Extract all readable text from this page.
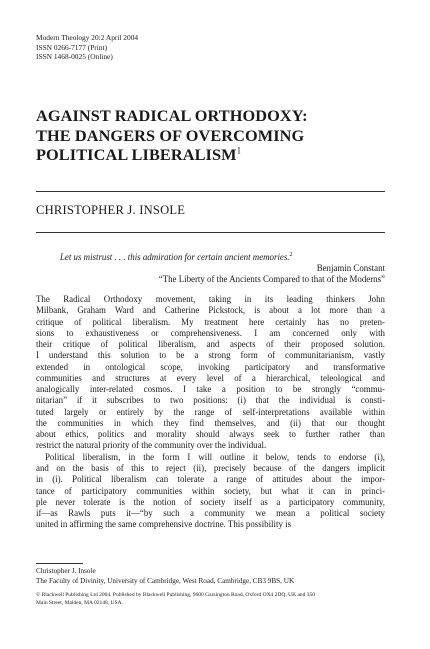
Modern Theology 20:2 April 2004
ISSN 0266-7177 (Print)
ISSN 1468-0025 (Online)
AGAINST RADICAL ORTHODOXY:
THE DANGERS OF OVERCOMING
POLITICAL LIBERALISM$^1$
CHRISTOPHER J. INSOLE
Let us mistrust . . . this admiration for certain ancient memories.$^2$
Benjamin Constant
“The Liberty of the Ancients Compared to that of the Moderns”
The Radical Orthodoxy movement, taking in its leading thinkers John
Milbank, Graham Ward and Catherine Pickstock, is about a lot more than a
critique of political liberalism. My treatment here certainly has no preten-
sions to exhaustiveness or comprehensiveness. I am concerned only with
their critique of political liberalism, and aspects of their proposed solution.
I understand this solution to be a strong form of communitarianism, vastly
extended in ontological scope, invoking participatory and transformative
communities and structures at every level of a hierarchical, teleological and
analogically inter-related cosmos. I take a position to be strongly “commu-
nitarian” if it subscribes to two positions: (i) that the individual is consti-
tuted largely or entirely by the range of self-interpretations available within
the communities in which they find themselves, and (ii) that our thought
about ethics, politics and morality should always seek to further rather than
restrict the natural priority of the community over the individual.
Political liberalism, in the form I will outline it below, tends to endorse (i),
and on the basis of this to reject (ii), precisely because of the dangers implicit
in (i). Political liberalism can tolerate a range of attitudes about the impor-
tance of participatory communities within society, but what it can in princi-
ple never tolerate is the notion of society itself as a participatory community,
if—as Rawls puts it—“by such a community we mean a political society
united in affirming the same comprehensive doctrine. This possibility is
Christopher J. Insole
The Faculty of Divinity, University of Cambridge, West Road, Cambridge, CB3 9BS, UK
© Blackwell Publishing Ltd 2004. Published by Blackwell Publishing, 9600 Garsington Road, Oxford OX4 2DQ, UK and 350
Main Street, Malden, MA 02148, USA.
